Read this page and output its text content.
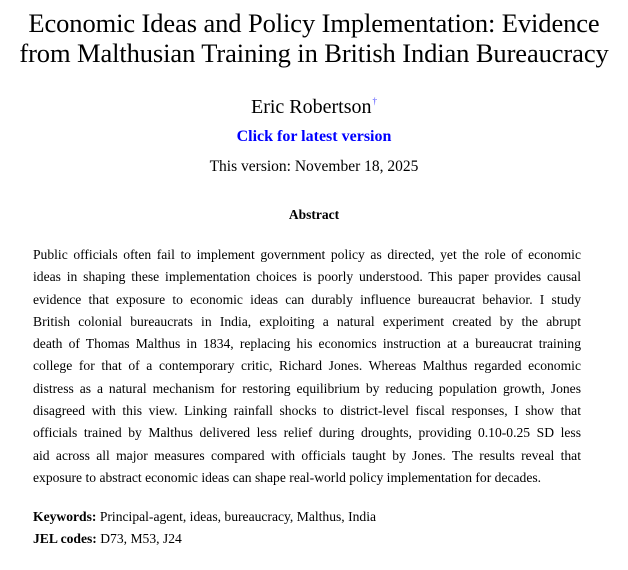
Economic Ideas and Policy Implementation: Evidence
from Malthusian Training in British Indian Bureaucracy
Eric Robertson†
Click for latest version
This version: November 18, 2025
Abstract
Public officials often fail to implement government policy as directed, yet the role of economic
ideas in shaping these implementation choices is poorly understood. This paper provides causal
evidence that exposure to economic ideas can durably influence bureaucrat behavior. I study
British colonial bureaucrats in India, exploiting a natural experiment created by the abrupt
death of Thomas Malthus in 1834, replacing his economics instruction at a bureaucrat training
college for that of a contemporary critic, Richard Jones. Whereas Malthus regarded economic
distress as a natural mechanism for restoring equilibrium by reducing population growth, Jones
disagreed with this view. Linking rainfall shocks to district-level fiscal responses, I show that
officials trained by Malthus delivered less relief during droughts, providing 0.10-0.25 SD less
aid across all major measures compared with officials taught by Jones. The results reveal that
exposure to abstract economic ideas can shape real-world policy implementation for decades.
Keywords: Principal-agent, ideas, bureaucracy, Malthus, India
JEL codes: D73, M53, J24
